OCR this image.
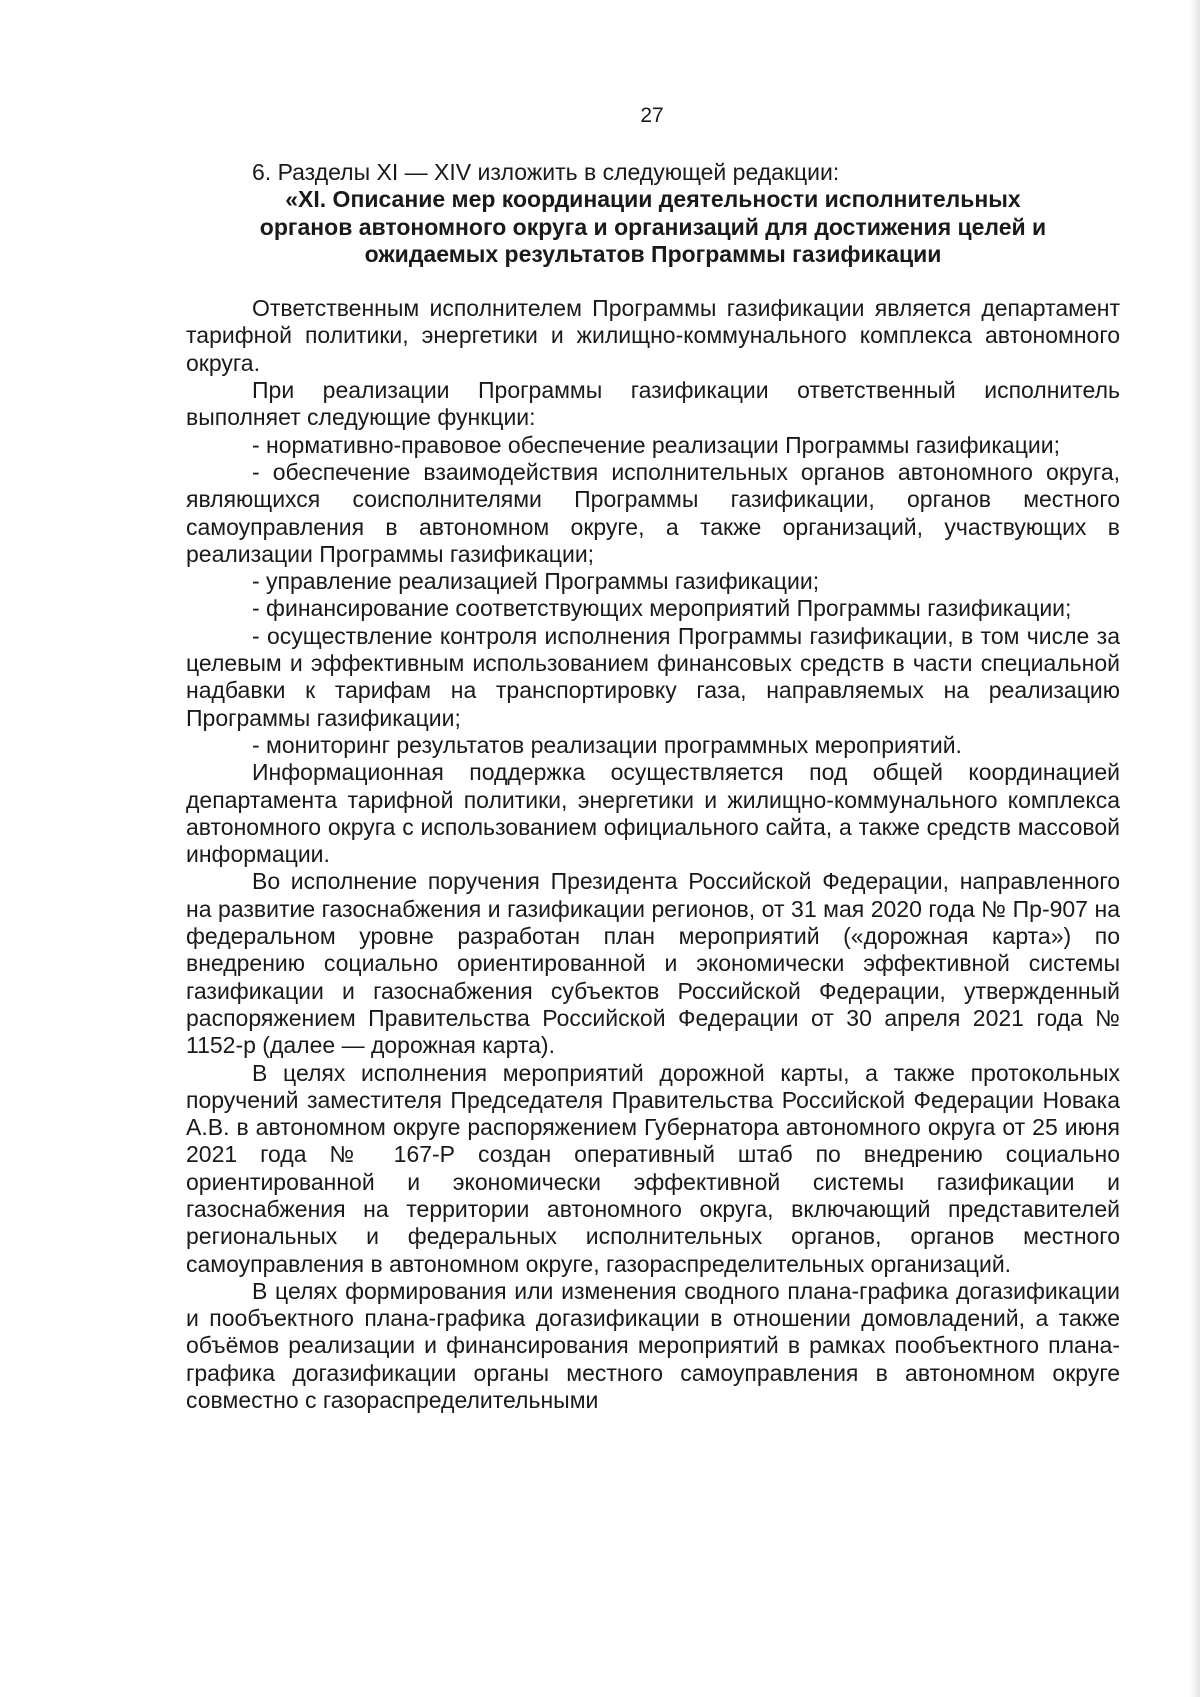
27

6. Разделы XI — XIV изложить в следующей редакции:

«XI. Описание мер координации деятельности исполнительных
органов автономного округа и организаций для достижения целей и
ожидаемых результатов Программы газификации

Ответственным исполнителем Программы газификации является департамент тарифной политики, энергетики и жилищно-коммунального комплекса автономного округа.

При реализации Программы газификации ответственный исполнитель выполняет следующие функции:

- нормативно-правовое обеспечение реализации Программы газификации;

- обеспечение взаимодействия исполнительных органов автономного округа, являющихся соисполнителями Программы газификации, органов местного самоуправления в автономном округе, а также организаций, участвующих в реализации Программы газификации;

- управление реализацией Программы газификации;

- финансирование соответствующих мероприятий Программы газификации;

- осуществление контроля исполнения Программы газификации, в том числе за целевым и эффективным использованием финансовых средств в части специальной надбавки к тарифам на транспортировку газа, направляемых на реализацию Программы газификации;

- мониторинг результатов реализации программных мероприятий.

Информационная поддержка осуществляется под общей координацией департамента тарифной политики, энергетики и жилищно-коммунального комплекса автономного округа с использованием официального сайта, а также средств массовой информации.

Во исполнение поручения Президента Российской Федерации, направленного на развитие газоснабжения и газификации регионов, от 31 мая 2020 года № Пр-907 на федеральном уровне разработан план мероприятий («дорожная карта») по внедрению социально ориентированной и экономически эффективной системы газификации и газоснабжения субъектов Российской Федерации, утвержденный распоряжением Правительства Российской Федерации от 30 апреля 2021 года № 1152-р (далее — дорожная карта).

В целях исполнения мероприятий дорожной карты, а также протокольных поручений заместителя Председателя Правительства Российской Федерации Новака А.В. в автономном округе распоряжением Губернатора автономного округа от 25 июня 2021 года № 167-Р создан оперативный штаб по внедрению социально ориентированной и экономически эффективной системы газификации и газоснабжения на территории автономного округа, включающий представителей региональных и федеральных исполнительных органов, органов местного самоуправления в автономном округе, газораспределительных организаций.

В целях формирования или изменения сводного плана-графика догазификации и пообъектного плана-графика догазификации в отношении домовладений, а также объёмов реализации и финансирования мероприятий в рамках пообъектного плана-графика догазификации органы местного самоуправления в автономном округе совместно с газораспределительными
